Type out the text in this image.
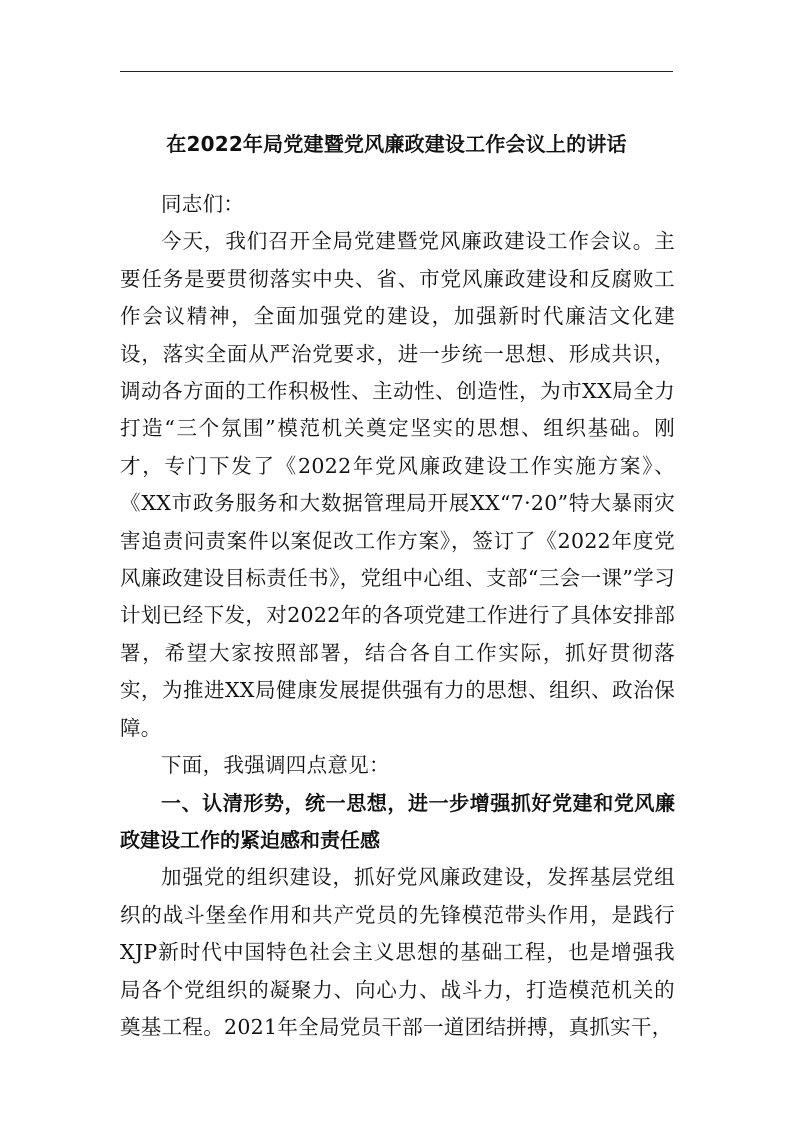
在2022年局党建暨党风廉政建设工作会议上的讲话

同志们：

今天，我们召开全局党建暨党风廉政建设工作会议。主要任务是要贯彻落实中央、省、市党风廉政建设和反腐败工作会议精神，全面加强党的建设，加强新时代廉洁文化建设，落实全面从严治党要求，进一步统一思想、形成共识，调动各方面的工作积极性、主动性、创造性，为市XX局全力打造“三个氛围”模范机关奠定坚实的思想、组织基础。刚才，专门下发了《2022年党风廉政建设工作实施方案》、《XX市政务服务和大数据管理局开展XX“7·20”特大暴雨灾害追责问责案件以案促改工作方案》，签订了《2022年度党风廉政建设目标责任书》，党组中心组、支部“三会一课”学习计划已经下发，对2022年的各项党建工作进行了具体安排部署，希望大家按照部署，结合各自工作实际，抓好贯彻落实，为推进XX局健康发展提供强有力的思想、组织、政治保障。

下面，我强调四点意见：

一、认清形势，统一思想，进一步增强抓好党建和党风廉政建设工作的紧迫感和责任感

加强党的组织建设，抓好党风廉政建设，发挥基层党组织的战斗堡垒作用和共产党员的先锋模范带头作用，是践行XJP新时代中国特色社会主义思想的基础工程，也是增强我局各个党组织的凝聚力、向心力、战斗力，打造模范机关的奠基工程。2021年全局党员干部一道团结拼搏，真抓实干，
